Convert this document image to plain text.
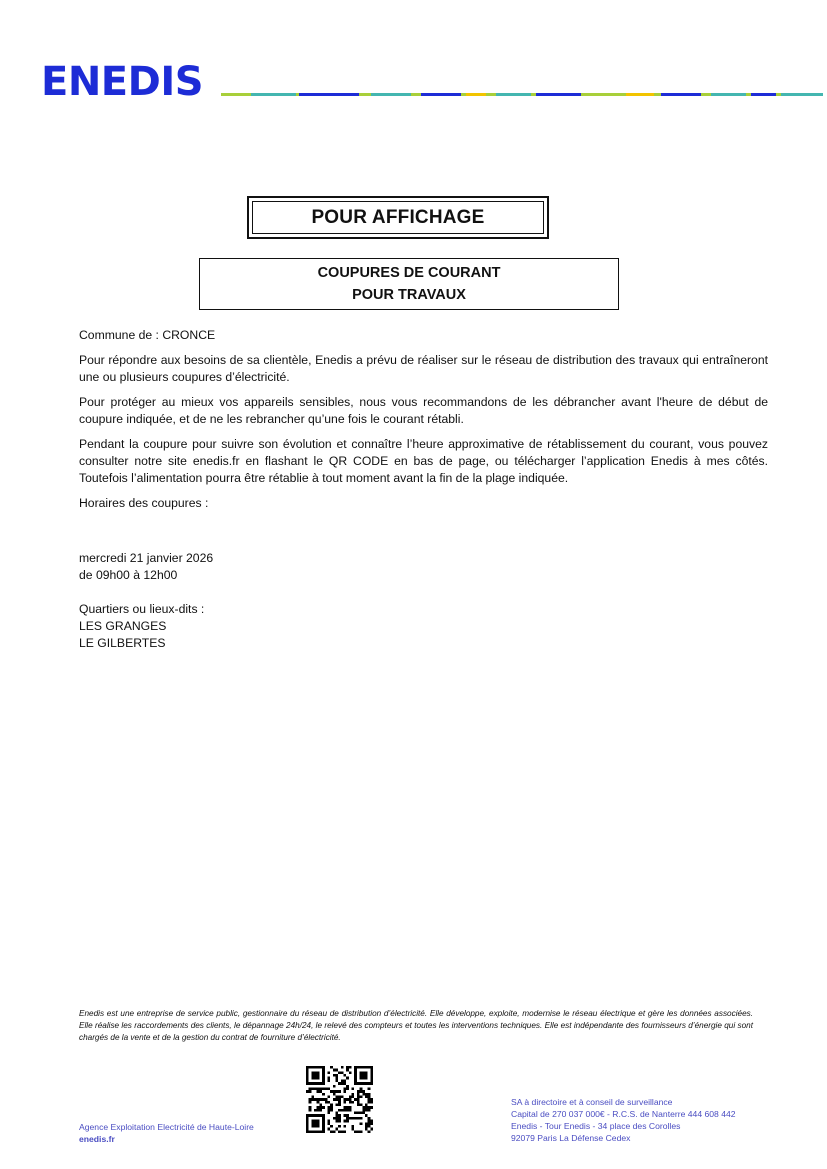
ENEDIS
POUR AFFICHAGE
COUPURES DE COURANT
POUR TRAVAUX

Commune de : CRONCE

Pour répondre aux besoins de sa clientèle, Enedis a prévu de réaliser sur le réseau de distribution des travaux qui entraîneront une ou plusieurs coupures d’électricité.

Pour protéger au mieux vos appareils sensibles, nous vous recommandons de les débrancher avant l'heure de début de coupure indiquée, et de ne les rebrancher qu’une fois le courant rétabli.

Pendant la coupure pour suivre son évolution et connaître l’heure approximative de rétablissement du courant, vous pouvez consulter notre site enedis.fr en flashant le QR CODE en bas de page, ou télécharger l’application Enedis à mes côtés. Toutefois l’alimentation pourra être rétablie à tout moment avant la fin de la plage indiquée.

Horaires des coupures :

mercredi 21 janvier 2026

de 09h00 à 12h00

Quartiers ou lieux-dits :

LES GRANGES

LE GILBERTES

Enedis est une entreprise de service public, gestionnaire du réseau de distribution d’électricité. Elle développe, exploite, modernise le réseau électrique et gère les données associées. Elle réalise les raccordements des clients, le dépannage 24h/24, le relevé des compteurs et toutes les interventions techniques. Elle est indépendante des fournisseurs d’énergie qui sont chargés de la vente et de la gestion du contrat de fourniture d’électricité.
Agence Exploitation Electricité de Haute-Loire
enedis.fr
SA à directoire et à conseil de surveillance
Capital de 270 037 000€ - R.C.S. de Nanterre 444 608 442
Enedis - Tour Enedis - 34 place des Corolles
92079 Paris La Défense Cedex
